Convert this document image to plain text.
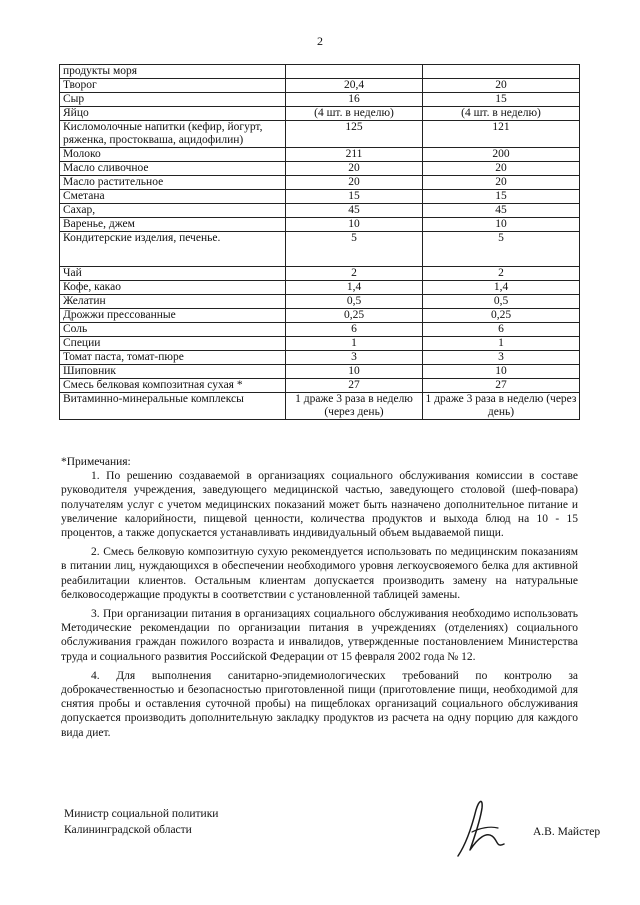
2
продукты моря		
Творог	20,4	20
Сыр	16	15
Яйцо	(4 шт. в неделю)	(4 шт. в неделю)
Кисломолочные напитки (кефир, йогурт, ряженка, простокваша, ацидофилин)	125	121
Молоко	211	200
Масло сливочное	20	20
Масло растительное	20	20
Сметана	15	15
Сахар,	45	45
Варенье, джем	10	10
Кондитерские изделия, печенье.	5	5
Чай	2	2
Кофе, какао	1,4	1,4
Желатин	0,5	0,5
Дрожжи прессованные	0,25	0,25
Соль	6	6
Специи	1	1
Томат паста, томат-пюре	3	3
Шиповник	10	10
Смесь белковая композитная сухая *	27	27
Витаминно-минеральные комплексы	1 драже 3 раза в неделю (через день)	1 драже 3 раза в неделю (через день)
*Примечания:

1. По решению создаваемой в организациях социального обслуживания комиссии в составе руководителя учреждения, заведующего медицинской частью, заведующего столовой (шеф-повара) получателям услуг с учетом медицинских показаний может быть назначено дополнительное питание и увеличение калорийности, пищевой ценности, количества продуктов и выхода блюд на 10 - 15 процентов, а также допускается устанавливать индивидуальный объем выдаваемой пищи.

2. Смесь белковую композитную сухую рекомендуется использовать по медицинским показаниям в питании лиц, нуждающихся в обеспечении необходимого уровня легкоусвояемого белка для активной реабилитации клиентов. Остальным клиентам допускается производить замену на натуральные белковосодержащие продукты в соответствии с установленной таблицей замены.

3. При организации питания в организациях социального обслуживания необходимо использовать Методические рекомендации по организации питания в учреждениях (отделениях) социального обслуживания граждан пожилого возраста и инвалидов, утвержденные постановлением Министерства труда и социального развития Российской Федерации от 15 февраля 2002 года № 12.

4. Для выполнения санитарно-эпидемиологических требований по контролю за доброкачественностью и безопасностью приготовленной пищи (приготовление пищи, необходимой для снятия пробы и оставления суточной пробы) на пищеблоках организаций социального обслуживания допускается производить дополнительную закладку продуктов из расчета на одну порцию для каждого вида диет.

Министр социальной политики
Калининградской области	А.В. Майстер
